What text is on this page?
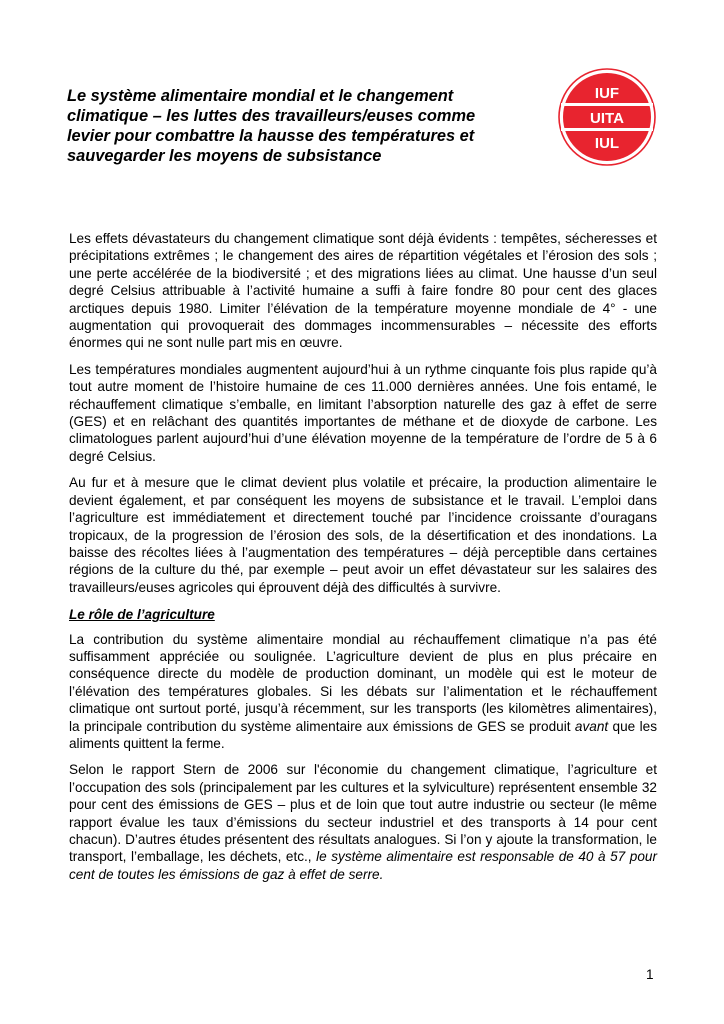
Le système alimentaire mondial et le changement climatique – les luttes des travailleurs/euses comme levier pour combattre la hausse des températures et sauvegarder les moyens de subsistance
IUF
UITA
IUL

Les effets dévastateurs du changement climatique sont déjà évidents : tempêtes, sécheresses et précipitations extrêmes ; le changement des aires de répartition végétales et l’érosion des sols ; une perte accélérée de la biodiversité ; et des migrations liées au climat. Une hausse d’un seul degré Celsius attribuable à l’activité humaine a suffi à faire fondre 80 pour cent des glaces arctiques depuis 1980. Limiter l’élévation de la température moyenne mondiale de 4° - une augmentation qui provoquerait des dommages incommensurables – nécessite des efforts énormes qui ne sont nulle part mis en œuvre.

Les températures mondiales augmentent aujourd’hui à un rythme cinquante fois plus rapide qu’à tout autre moment de l’histoire humaine de ces 11.000 dernières années. Une fois entamé, le réchauffement climatique s’emballe, en limitant l’absorption naturelle des gaz à effet de serre (GES) et en relâchant des quantités importantes de méthane et de dioxyde de carbone. Les climatologues parlent aujourd’hui d’une élévation moyenne de la température de l’ordre de 5 à 6 degré Celsius.

Au fur et à mesure que le climat devient plus volatile et précaire, la production alimentaire le devient également, et par conséquent les moyens de subsistance et le travail. L’emploi dans l’agriculture est immédiatement et directement touché par l’incidence croissante d’ouragans tropicaux, de la progression de l’érosion des sols, de la désertification et des inondations. La baisse des récoltes liées à l’augmentation des températures – déjà perceptible dans certaines régions de la culture du thé, par exemple – peut avoir un effet dévastateur sur les salaires des travailleurs/euses agricoles qui éprouvent déjà des difficultés à survivre.

Le rôle de l’agriculture

La contribution du système alimentaire mondial au réchauffement climatique n’a pas été suffisamment appréciée ou soulignée. L’agriculture devient de plus en plus précaire en conséquence directe du modèle de production dominant, un modèle qui est le moteur de l’élévation des températures globales. Si les débats sur l’alimentation et le réchauffement climatique ont surtout porté, jusqu’à récemment, sur les transports (les kilomètres alimentaires), la principale contribution du système alimentaire aux émissions de GES se produit avant que les aliments quittent la ferme.

Selon le rapport Stern de 2006 sur l'économie du changement climatique, l’agriculture et l’occupation des sols (principalement par les cultures et la sylviculture) représentent ensemble 32 pour cent des émissions de GES – plus et de loin que tout autre industrie ou secteur (le même rapport évalue les taux d’émissions du secteur industriel et des transports à 14 pour cent chacun). D’autres études présentent des résultats analogues. Si l’on y ajoute la transformation, le transport, l’emballage, les déchets, etc., le système alimentaire est responsable de 40 à 57 pour cent de toutes les émissions de gaz à effet de serre.

1
